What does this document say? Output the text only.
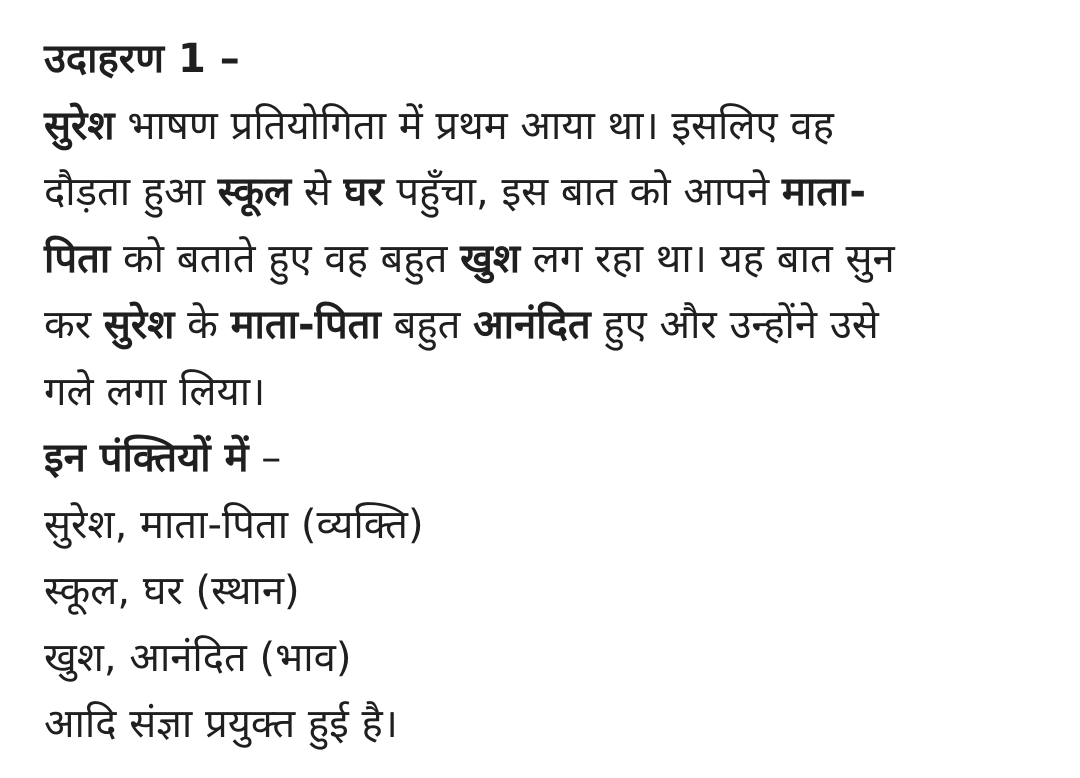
उदाहरण 1 –
सुरेश भाषण प्रतियोगिता में प्रथम आया था। इसलिए वह
दौड़ता हुआ स्कूल से घर पहुँचा, इस बात को आपने माता-
पिता को बताते हुए वह बहुत खुश लग रहा था। यह बात सुन
कर सुरेश के माता-पिता बहुत आनंदित हुए और उन्होंने उसे
गले लगा लिया।
इन पंक्तियों में –
सुरेश, माता-पिता (व्यक्ति)
स्कूल, घर (स्थान)
खुश, आनंदित (भाव)
आदि संज्ञा प्रयुक्त हुई है।
